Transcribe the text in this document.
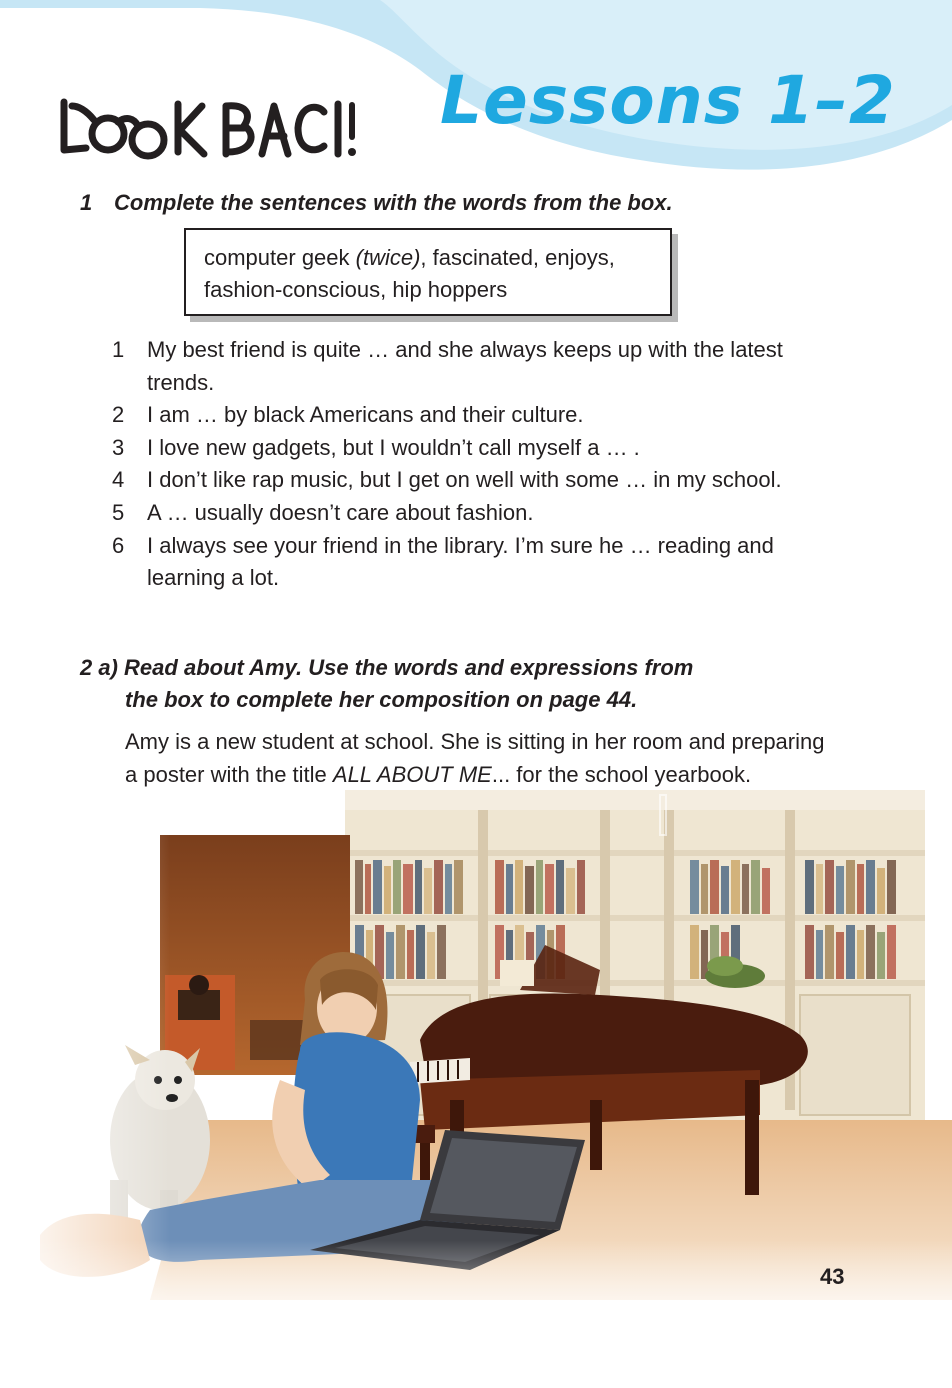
Lessons 1–2
1 Complete the sentences with the words from the box.
computer geek (twice), fascinated, enjoys,
fashion-conscious, hip hoppers
1	My best friend is quite … and she always keeps up with the latest trends.
2	I am … by black Americans and their culture.
3	I love new gadgets, but I wouldn’t call myself a … .
4	I don’t like rap music, but I get on well with some … in my school.
5	A … usually doesn’t care about fashion.
6	I always see your friend in the library. I’m sure he … reading and learning a lot.
2 a) Read about Amy. Use the words and expressions from
the box to complete her composition on page 44.
Amy is a new student at school. She is sitting in her room and preparing a poster with the title ALL ABOUT ME... for the school yearbook.
43
